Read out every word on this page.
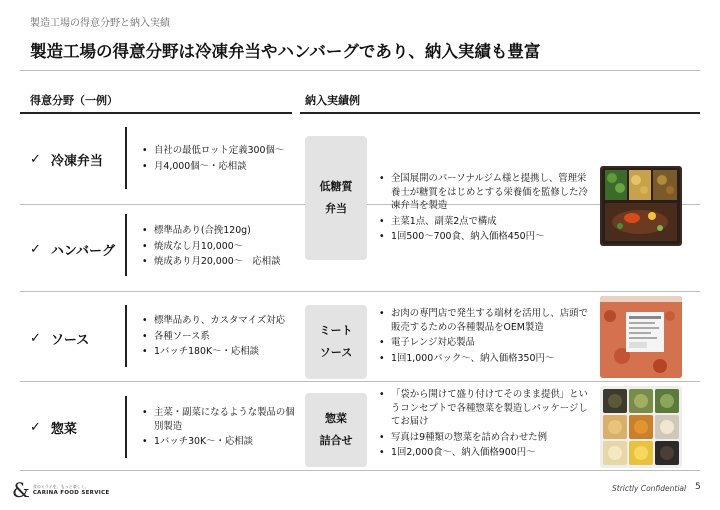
製造工場の得意分野と納入実績
製造工場の得意分野は冷凍弁当やハンバーグであり、納入実績も豊富
得意分野（一例）	納入実績例
✓ 冷凍弁当
• 自社の最低ロット定義300個～
• 月4,000個～・応相談
✓ ハンバーグ
• 標準品あり(合挽120g)
• 焼成なし月10,000～
• 焼成あり月20,000～　応相談
✓ ソース
• 標準品あり、カスタマイズ対応
• 各種ソース系
• 1バッチ180K～・応相談
✓ 惣菜
• 主菜・副菜になるような製品の個別製造
• 1バッチ30K～・応相談
低糖質
弁当
• 全国展開のパーソナルジム様と提携し、管理栄養士が糖質をはじめとする栄養価を監修した冷凍弁当を製造
• 主菜1点、副菜2点で構成
• 1回500～700食、納入価格450円～
ミート
ソース
• お肉の専門店で発生する端材を活用し、店頭で販売するための各種製品をOEM製造
• 電子レンジ対応製品
• 1回1,000パック～、納入価格350円～
惣菜
詰合せ
• 「袋から開けて盛り付けてそのまま提供」というコンセプトで各種惣菜を製造しパッケージしてお届け
• 写真は9種類の惣菜を詰め合わせた例
• 1回2,000食～、納入価格900円～
& 食のミライを、もっと楽しく。
CARINA FOOD SERVICE	Strictly Confidential 5
